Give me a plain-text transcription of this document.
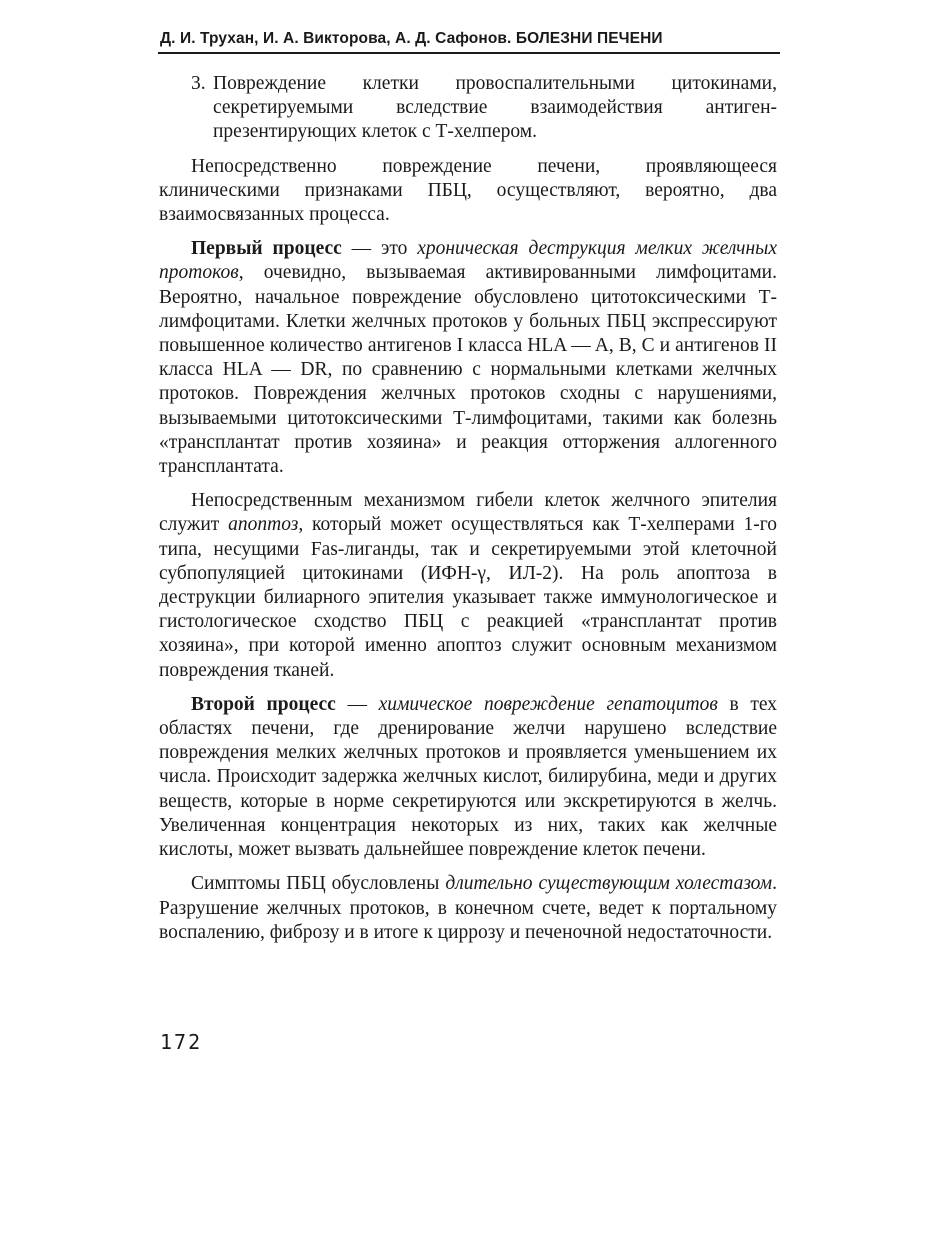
Д. И. Трухан, И. А. Викторова, А. Д. Сафонов. БОЛЕЗНИ ПЕЧЕНИ

3. Повреждение клетки провоспалительными цитокинами, секретируемыми вследствие взаимодействия антиген-презентирующих клеток с Т-хелпером.

Непосредственно повреждение печени, проявляющееся клиническими признаками ПБЦ, осуществляют, вероятно, два взаимосвязанных процесса.

Первый процесс — это хроническая деструкция мелких желчных протоков, очевидно, вызываемая активированными лимфоцитами. Вероятно, начальное повреждение обусловлено цитотоксическими Т-лимфоцитами. Клетки желчных протоков у больных ПБЦ экспрессируют повышенное количество антигенов I класса HLA — A, B, C и антигенов II класса HLA — DR, по сравнению с нормальными клетками желчных протоков. Повреждения желчных протоков сходны с нарушениями, вызываемыми цитотоксическими Т-лимфоцитами, такими как болезнь «трансплантат против хозяина» и реакция отторжения аллогенного трансплантата.

Непосредственным механизмом гибели клеток желчного эпителия служит апоптоз, который может осуществляться как Т-хелперами 1-го типа, несущими Fas-лиганды, так и секретируемыми этой клеточной субпопуляцией цитокинами (ИФН-γ, ИЛ-2). На роль апоптоза в деструкции билиарного эпителия указывает также иммунологическое и гистологическое сходство ПБЦ с реакцией «трансплантат против хозяина», при которой именно апоптоз служит основным механизмом повреждения тканей.

Второй процесс — химическое повреждение гепатоцитов в тех областях печени, где дренирование желчи нарушено вследствие повреждения мелких желчных протоков и проявляется уменьшением их числа. Происходит задержка желчных кислот, билирубина, меди и других веществ, которые в норме секретируются или экскретируются в желчь. Увеличенная концентрация некоторых из них, таких как желчные кислоты, может вызвать дальнейшее повреждение клеток печени.

Симптомы ПБЦ обусловлены длительно существующим холестазом. Разрушение желчных протоков, в конечном счете, ведет к портальному воспалению, фиброзу и в итоге к циррозу и печеночной недостаточности.

172
